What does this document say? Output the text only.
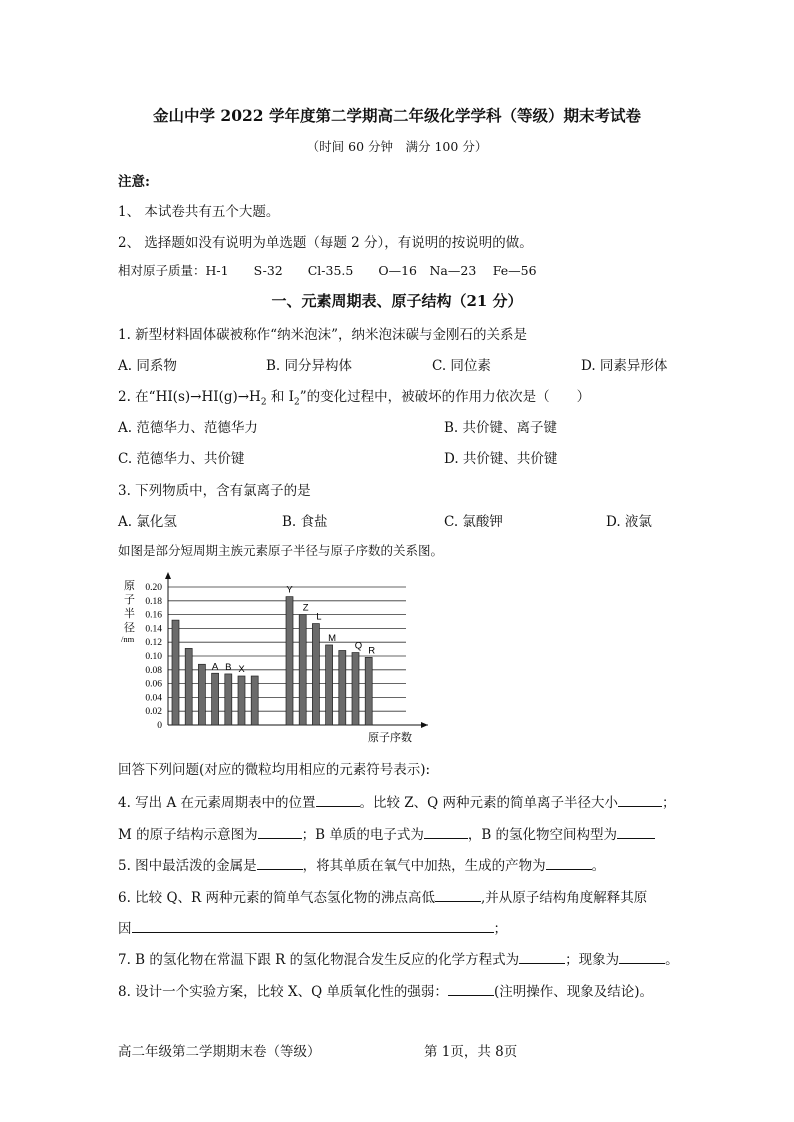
金山中学 2022 学年度第二学期高二年级化学学科（等级）期末考试卷
（时间 60 分钟　满分 100 分）
注意:
1、 本试卷共有五个大题。
2、 选择题如没有说明为单选题（每题 2 分），有说明的按说明的做。
相对原子质量：H-1　　S-32　　Cl-35.5　　O—16　Na—23　 Fe—56
一、元素周期表、原子结构（21 分）
1. 新型材料固体碳被称作“纳米泡沫”，纳米泡沫碳与金刚石的关系是
A. 同系物	B. 同分异构体	C. 同位素	D. 同素异形体
2. 在“$HI(s)\to HI(g)\to H_2$ 和 $I_2$”的变化过程中，被破坏的作用力依次是（　　）
A. 范德华力、范德华力	B. 共价键、离子键
C. 范德华力、共价键	D. 共价键、共价键
3. 下列物质中，含有氯离子的是
A. 氯化氢	B. 食盐	C. 氯酸钾	D. 液氯
如图是部分短周期主族元素原子半径与原子序数的关系图。
0.20
0.18
0.16
0.14
0.12
0.10
0.08
0.06
0.04
0.02
0
原
子
半
径
/nm
原子序数
A B X
Y
Z
L
M
Q R
回答下列问题(对应的微粒均用相应的元素符号表示):
4. 写出 A 在元素周期表中的位置	。比较 Z、Q 两种元素的简单离子半径大小	；
M 的原子结构示意图为	；B 单质的电子式为	，B 的氢化物空间构型为
5. 图中最活泼的金属是	，将其单质在氧气中加热，生成的产物为	。
6. 比较 Q、R 两种元素的简单气态氢化物的沸点高低	,并从原子结构角度解释其原
因	；
7. B 的氢化物在常温下跟 R 的氢化物混合发生反应的化学方程式为	；现象为	。
8. 设计一个实验方案，比较 X、Q 单质氧化性的强弱：	(注明操作、现象及结论)。
高二年级第二学期期末卷（等级）	第 1页，共 8页
